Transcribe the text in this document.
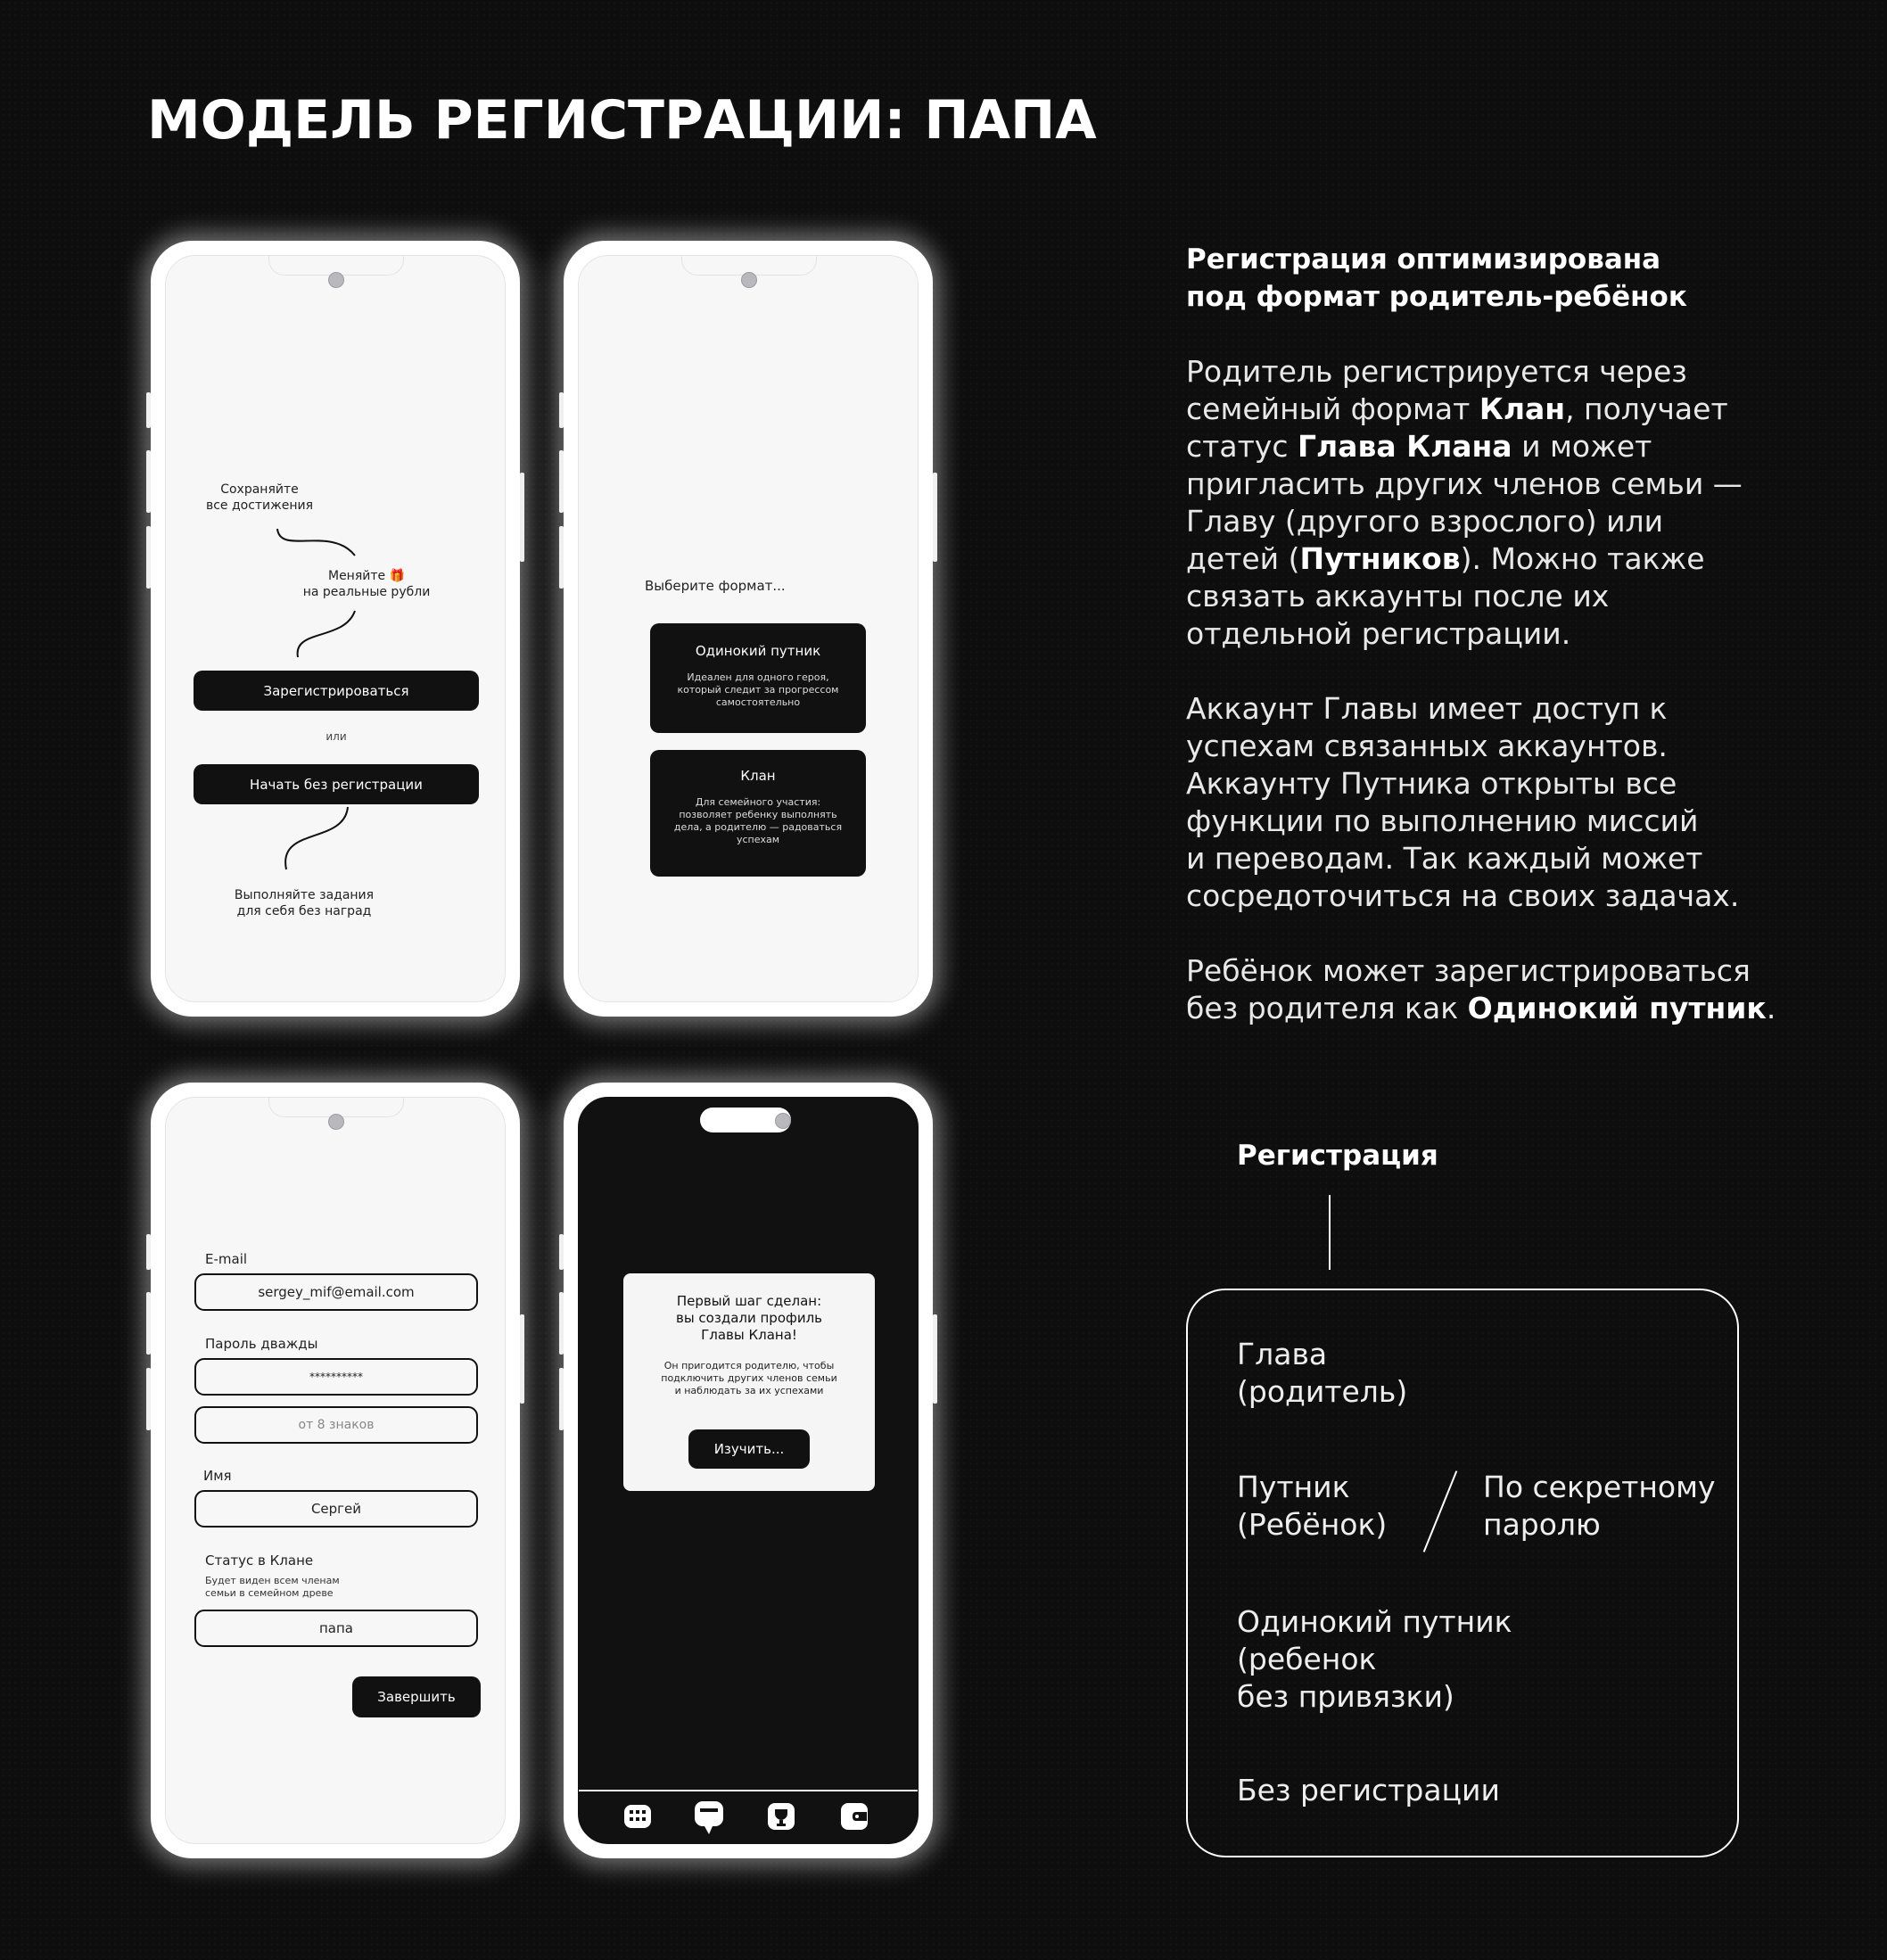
МОДЕЛЬ РЕГИСТРАЦИИ: ПАПА
Сохраняйте
все достижения
Меняйте 🎁
на реальные рубли
Зарегистрироваться
или
Начать без регистрации
Выполняйте задания
для себя без наград
Выберите формат...
Одинокий путник
Идеален для одного героя, который следит за прогрессом самостоятельно
Клан
Для семейного участия: позволяет ребенку выполнять дела, а родителю — радоваться успехам
E-mail
sergey_mif@email.com
Пароль дважды
**********
от 8 знаков
Имя
Сергей
Статус в Клане
Будет виден всем членам
семьи в семейном древе
папа
Завершить
Первый шаг сделан:
вы создали профиль
Главы Клана!
Он пригодится родителю, чтобы
подключить других членов семьи
и наблюдать за их успехами
Изучить...
Регистрация оптимизирована
под формат родитель-ребёнок
Родитель регистрируется через
семейный формат Клан, получает
статус Глава Клана и может
пригласить других членов семьи —
Главу (другого взрослого) или
детей (Путников). Можно также
связать аккаунты после их
отдельной регистрации.
Аккаунт Главы имеет доступ к
успехам связанных аккаунтов.
Аккаунту Путника открыты все
функции по выполнению миссий
и переводам. Так каждый может
сосредоточиться на своих задачах.
Ребёнок может зарегистрироваться
без родителя как Одинокий путник.
Регистрация
Глава
(родитель)
Путник
(Ребёнок)
По секретному
паролю
Одинокий путник
(ребенок
без привязки)
Без регистрации
